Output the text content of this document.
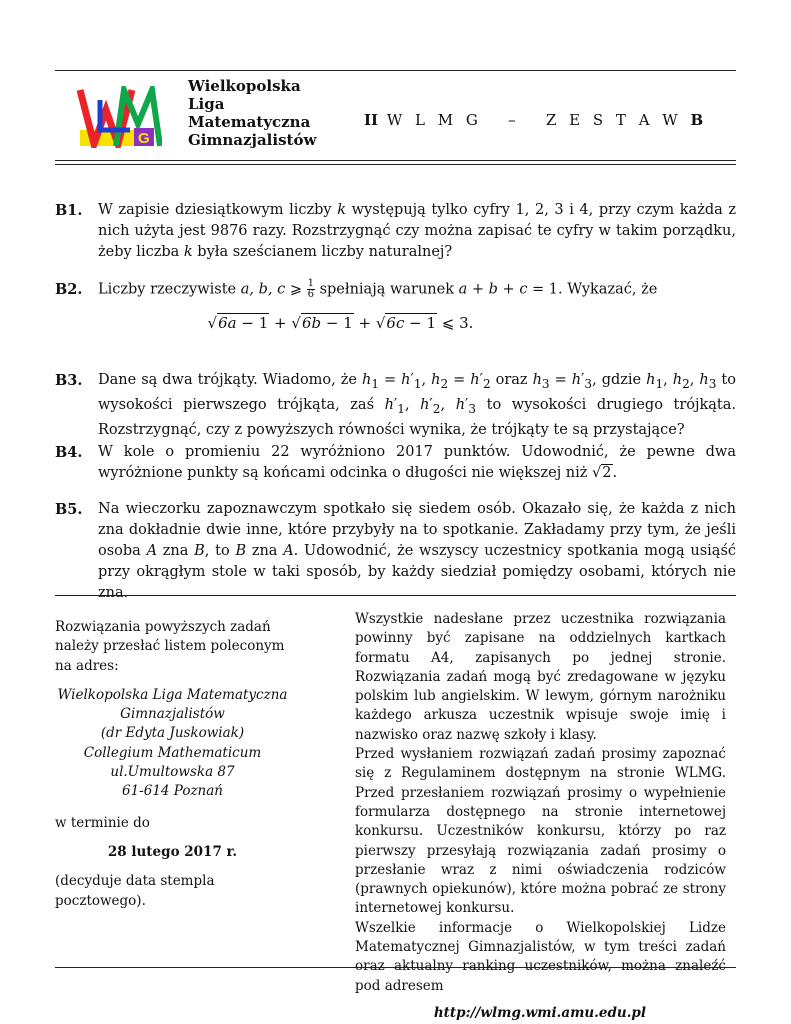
G
Wielkopolska
Liga
Matematyczna
Gimnazjalistów
II W L M G – Z E S T A W B
B1. W zapisie dziesiątkowym liczby k występują tylko cyfry 1, 2, 3 i 4, przy czym każda z nich użyta jest 9876 razy. Rozstrzygnąć czy można zapisać te cyfry w takim porządku, żeby liczba k była sześcianem liczby naturalnej?
B2. Liczby rzeczywiste a, b, c ⩾ $\frac{1}{6}$ spełniają warunek a + b + c = 1. Wykazać, że
√6a − 1 + √6b − 1 + √6c − 1 ⩽ 3.
B3. Dane są dwa trójkąty. Wiadomo, że $h_1 = h'_1$, $h_2 = h'_2$ oraz $h_3 = h'_3$, gdzie $h_1$, $h_2$, $h_3$ to wysokości pierwszego trójkąta, zaś $h'_1$, $h'_2$, $h'_3$ to wysokości drugiego trójkąta. Rozstrzygnąć, czy z powyższych równości wynika, że trójkąty te są przystające?
B4. W kole o promieniu 22 wyróżniono 2017 punktów. Udowodnić, że pewne dwa wyróżnione punkty są końcami odcinka o długości nie większej niż √2.
B5. Na wieczorku zapoznawczym spotkało się siedem osób. Okazało się, że każda z nich zna dokładnie dwie inne, które przybyły na to spotkanie. Zakładamy przy tym, że jeśli osoba A zna B, to B zna A. Udowodnić, że wszyscy uczestnicy spotkania mogą usiąść przy okrągłym stole w taki sposób, by każdy siedział pomiędzy osobami, których nie zna.

Rozwiązania powyższych zadań należy przesłać listem poleconym na adres:

Wielkopolska Liga Matematyczna
Gimnazjalistów
(dr Edyta Juskowiak)
Collegium Mathematicum
ul.Umultowska 87
61-614 Poznań

w terminie do

28 lutego 2017 r.

(decyduje data stempla pocztowego).

Wszystkie nadesłane przez uczestnika rozwiązania powinny być zapisane na oddzielnych kartkach formatu A4, zapisanych po jednej stronie. Rozwiązania zadań mogą być zredagowane w języku polskim lub angielskim. W lewym, górnym narożniku każdego arkusza uczestnik wpisuje swoje imię i nazwisko oraz nazwę szkoły i klasy.

Przed wysłaniem rozwiązań zadań prosimy zapoznać się z Regulaminem dostępnym na stronie WLMG. Przed przesłaniem rozwiązań prosimy o wypełnienie formularza dostępnego na stronie internetowej konkursu. Uczestników konkursu, którzy po raz pierwszy przesyłają rozwiązania zadań prosimy o przesłanie wraz z nimi oświadczenia rodziców (prawnych opiekunów), które można pobrać ze strony internetowej konkursu.

Wszelkie informacje o Wielkopolskiej Lidze Matematycznej Gimnazjalistów, w tym treści zadań oraz aktualny ranking uczestników, można znaleźć pod adresem

http://wlmg.wmi.amu.edu.pl
